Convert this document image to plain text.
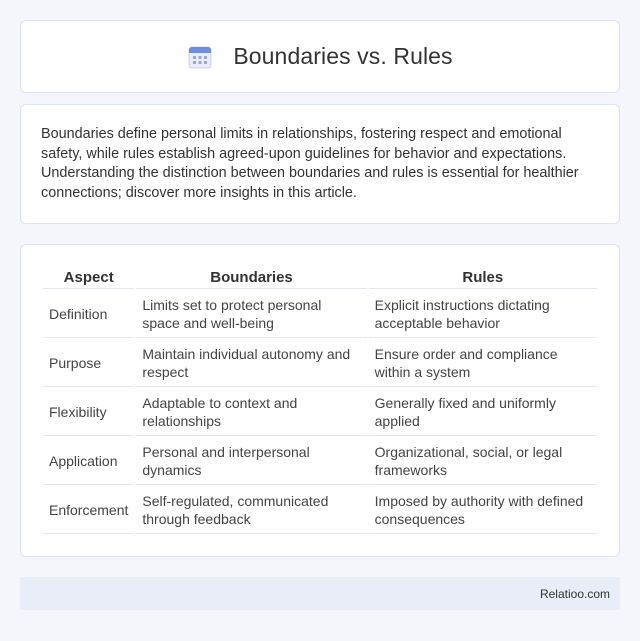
Boundaries vs. Rules

Boundaries define personal limits in relationships, fostering respect and emotional safety, while rules establish agreed-upon guidelines for behavior and expectations. Understanding the distinction between boundaries and rules is essential for healthier connections; discover more insights in this article.

Aspect	Boundaries	Rules
Definition	Limits set to protect personal space and well-being	Explicit instructions dictating acceptable behavior
Purpose	Maintain individual autonomy and respect	Ensure order and compliance within a system
Flexibility	Adaptable to context and relationships	Generally fixed and uniformly applied
Application	Personal and interpersonal dynamics	Organizational, social, or legal frameworks
Enforcement	Self-regulated, communicated through feedback	Imposed by authority with defined consequences
Relatioo.com
